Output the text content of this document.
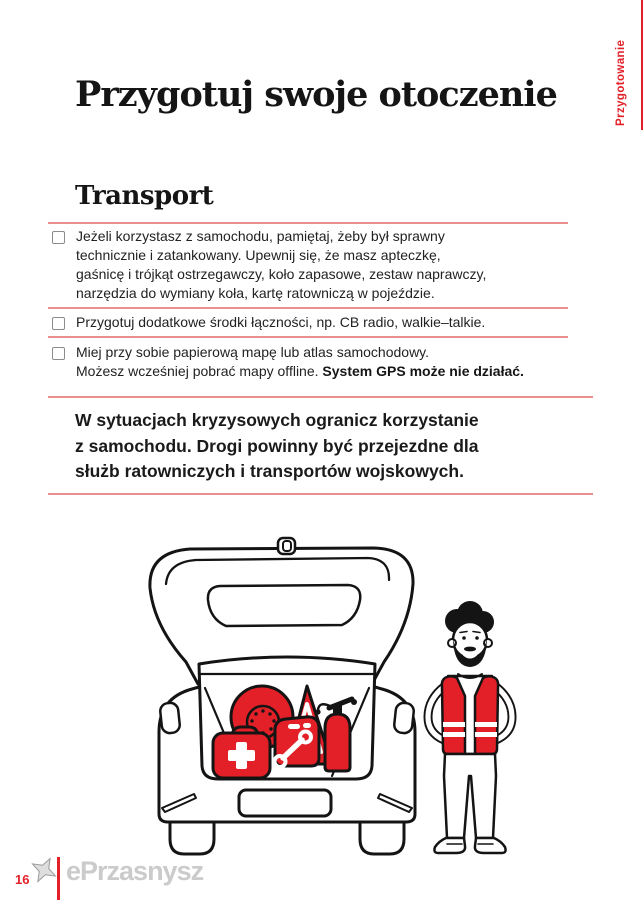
Przygotowanie
Przygotuj swoje otoczenie
Transport
Jeżeli korzystasz z samochodu, pamiętaj, żeby był sprawny
technicznie i zatankowany. Upewnij się, że masz apteczkę,
gaśnicę i trójkąt ostrzegawczy, koło zapasowe, zestaw naprawczy,
narzędzia do wymiany koła, kartę ratowniczą w pojeździe.
Przygotuj dodatkowe środki łączności, np. CB radio, walkie–talkie.
Miej przy sobie papierową mapę lub atlas samochodowy.
Możesz wcześniej pobrać mapy offline. System GPS może nie działać.
W sytuacjach kryzysowych ogranicz korzystanie
z samochodu. Drogi powinny być przejezdne dla
służb ratowniczych i transportów wojskowych.
16 ePrzasnysz
